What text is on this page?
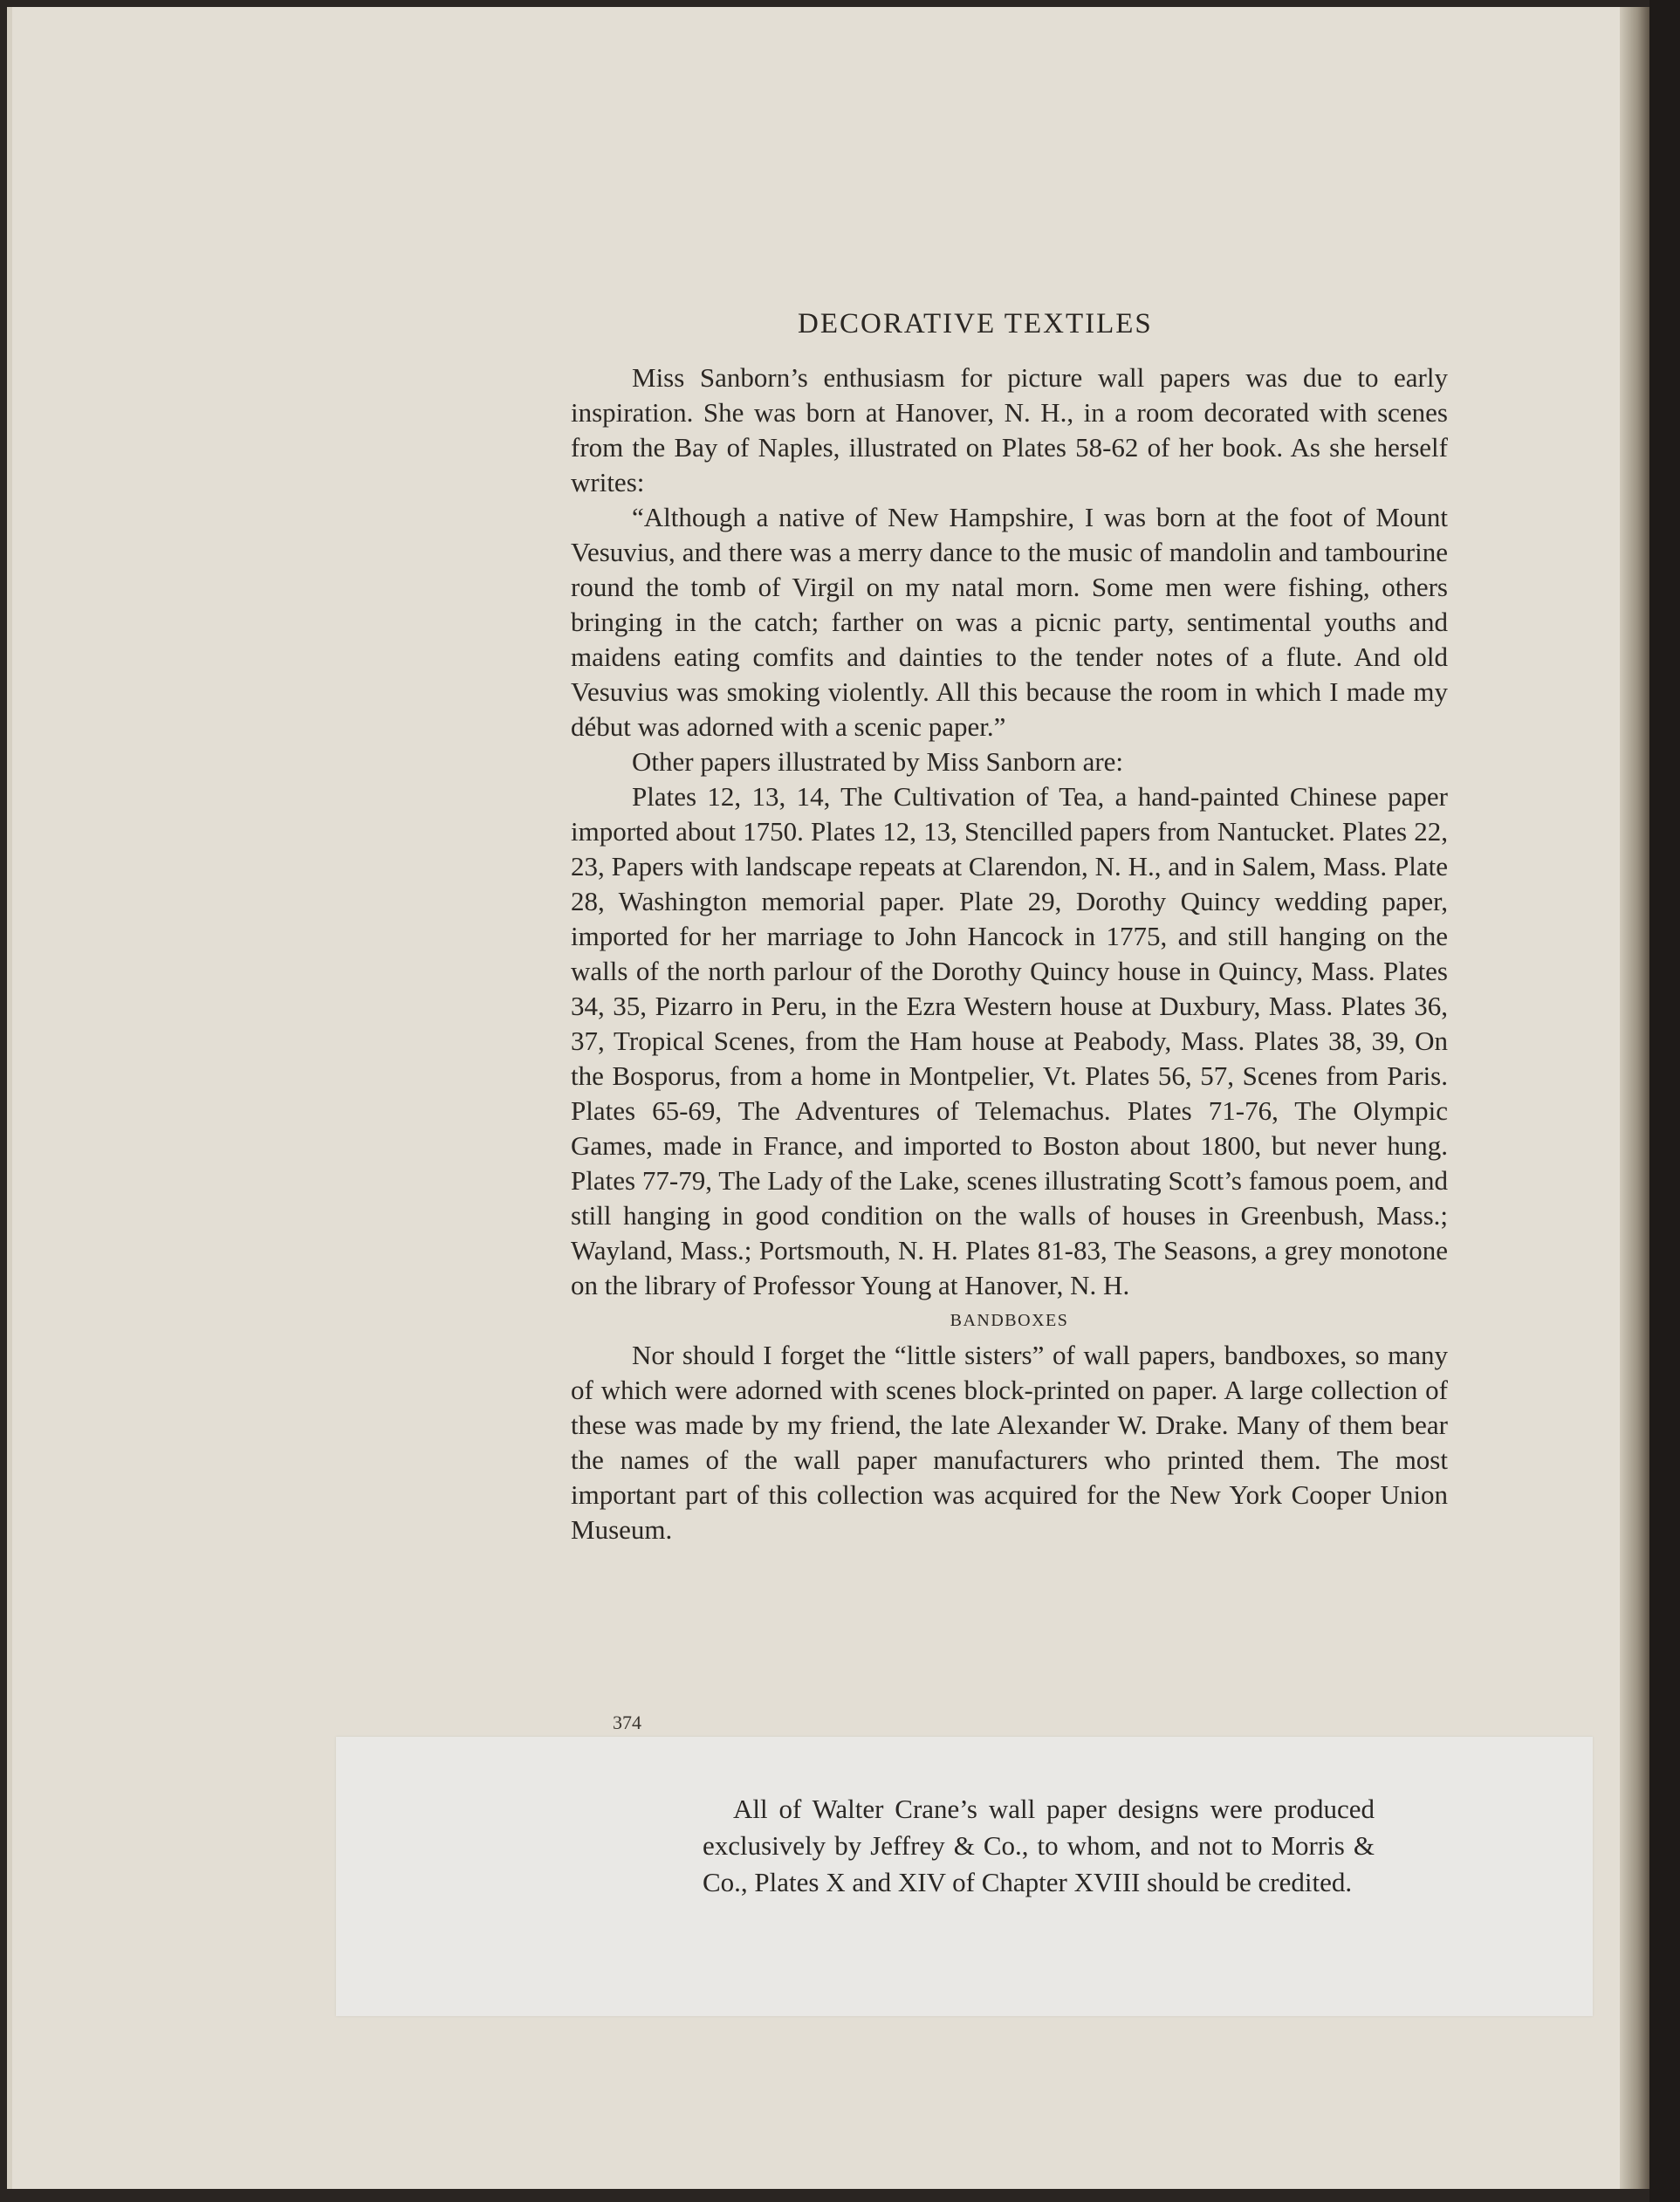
DECORATIVE TEXTILES

Miss Sanborn’s enthusiasm for picture wall papers was due to early inspiration. She was born at Hanover, N. H., in a room decorated with scenes from the Bay of Naples, illustrated on Plates 58-62 of her book. As she herself writes:

“Although a native of New Hampshire, I was born at the foot of Mount Vesuvius, and there was a merry dance to the music of mandolin and tambourine round the tomb of Virgil on my natal morn. Some men were fishing, others bringing in the catch; farther on was a picnic party, sentimental youths and maidens eating comfits and dainties to the tender notes of a flute. And old Vesuvius was smoking violently. All this because the room in which I made my début was adorned with a scenic paper.”

Other papers illustrated by Miss Sanborn are:

Plates 12, 13, 14, The Cultivation of Tea, a hand-painted Chinese paper imported about 1750. Plates 12, 13, Stencilled papers from Nantucket. Plates 22, 23, Papers with landscape repeats at Clarendon, N. H., and in Salem, Mass. Plate 28, Washington memorial paper. Plate 29, Dorothy Quincy wedding paper, imported for her marriage to John Hancock in 1775, and still hanging on the walls of the north parlour of the Dorothy Quincy house in Quincy, Mass. Plates 34, 35, Pizarro in Peru, in the Ezra Western house at Duxbury, Mass. Plates 36, 37, Tropical Scenes, from the Ham house at Peabody, Mass. Plates 38, 39, On the Bosporus, from a home in Montpelier, Vt. Plates 56, 57, Scenes from Paris. Plates 65-69, The Adventures of Telemachus. Plates 71-76, The Olympic Games, made in France, and imported to Boston about 1800, but never hung. Plates 77-79, The Lady of the Lake, scenes illustrating Scott’s famous poem, and still hanging in good condition on the walls of houses in Greenbush, Mass.; Wayland, Mass.; Portsmouth, N. H. Plates 81-83, The Seasons, a grey monotone on the library of Professor Young at Hanover, N. H.

BANDBOXES

Nor should I forget the “little sisters” of wall papers, bandboxes, so many of which were adorned with scenes block-printed on paper. A large collection of these was made by my friend, the late Alexander W. Drake. Many of them bear the names of the wall paper manufacturers who printed them. The most important part of this collection was acquired for the New York Cooper Union Museum.

374

All of Walter Crane’s wall paper designs were produced exclusively by Jeffrey & Co., to whom, and not to Morris & Co., Plates X and XIV of Chapter XVIII should be credited.
